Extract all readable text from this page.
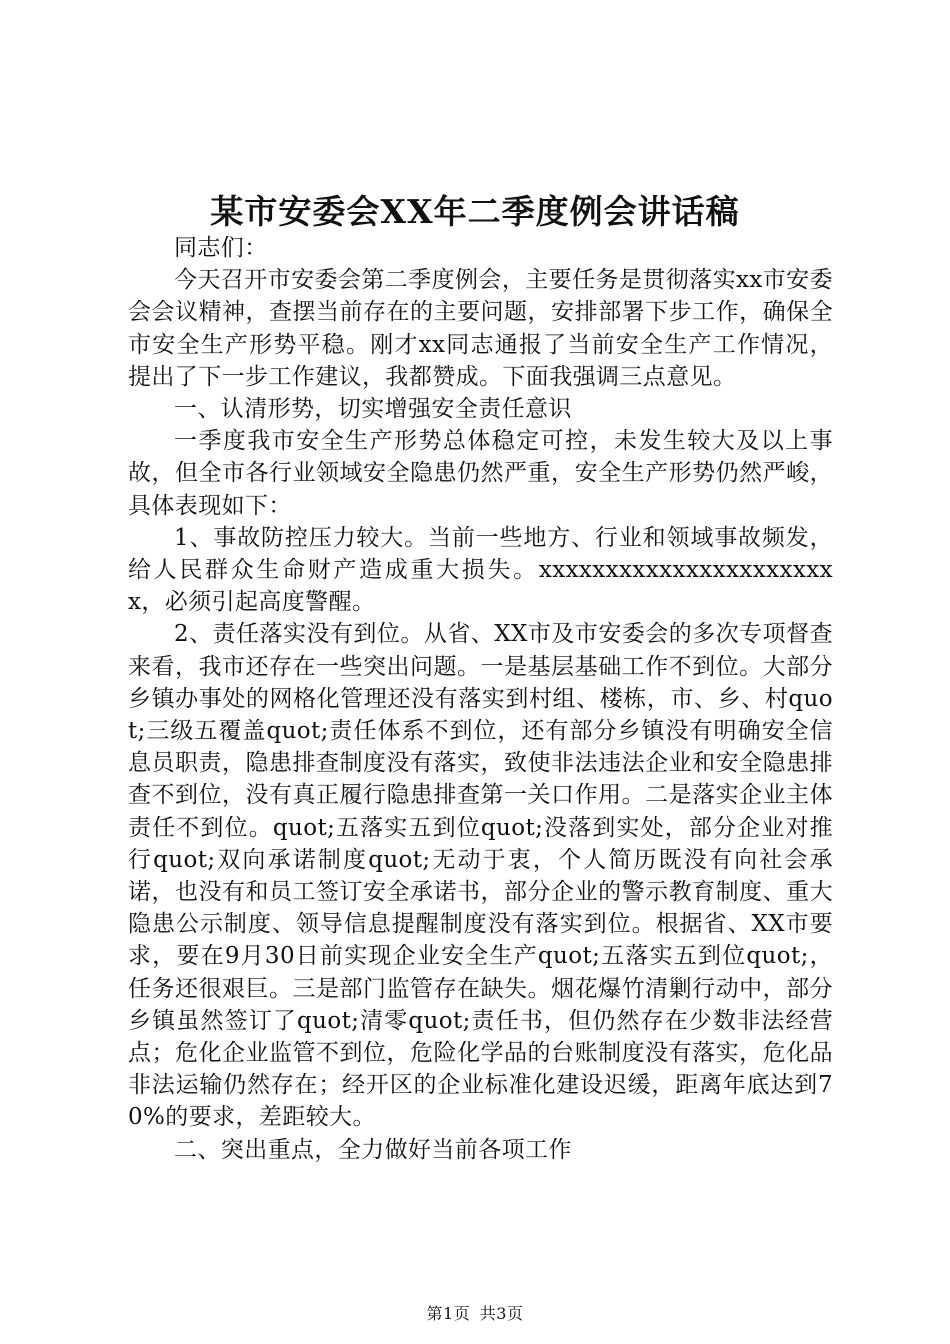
某市安委会XX年二季度例会讲话稿

同志们：

今天召开市安委会第二季度例会，主要任务是贯彻落实xx市安委会会议精神，查摆当前存在的主要问题，安排部署下步工作，确保全市安全生产形势平稳。刚才xx同志通报了当前安全生产工作情况，提出了下一步工作建议，我都赞成。下面我强调三点意见。

一、认清形势，切实增强安全责任意识

一季度我市安全生产形势总体稳定可控，未发生较大及以上事故，但全市各行业领域安全隐患仍然严重，安全生产形势仍然严峻，具体表现如下：

1、事故防控压力较大。当前一些地方、行业和领域事故频发，给人民群众生命财产造成重大损失。xxxxxxxxxxxxxxxxxxxxxxx，必须引起高度警醒。

2、责任落实没有到位。从省、XX市及市安委会的多次专项督查来看，我市还存在一些突出问题。一是基层基础工作不到位。大部分乡镇办事处的网格化管理还没有落实到村组、楼栋，市、乡、村quot;三级五覆盖quot;责任体系不到位，还有部分乡镇没有明确安全信息员职责，隐患排查制度没有落实，致使非法违法企业和安全隐患排查不到位，没有真正履行隐患排查第一关口作用。二是落实企业主体责任不到位。quot;五落实五到位quot;没落到实处，部分企业对推行quot;双向承诺制度quot;无动于衷，个人简历既没有向社会承诺，也没有和员工签订安全承诺书，部分企业的警示教育制度、重大隐患公示制度、领导信息提醒制度没有落实到位。根据省、XX市要求，要在9月30日前实现企业安全生产quot;五落实五到位quot;，任务还很艰巨。三是部门监管存在缺失。烟花爆竹清剿行动中，部分乡镇虽然签订了quot;清零quot;责任书，但仍然存在少数非法经营点；危化企业监管不到位，危险化学品的台账制度没有落实，危化品非法运输仍然存在；经开区的企业标准化建设迟缓，距离年底达到70%的要求，差距较大。

二、突出重点，全力做好当前各项工作

第1页 共3页
